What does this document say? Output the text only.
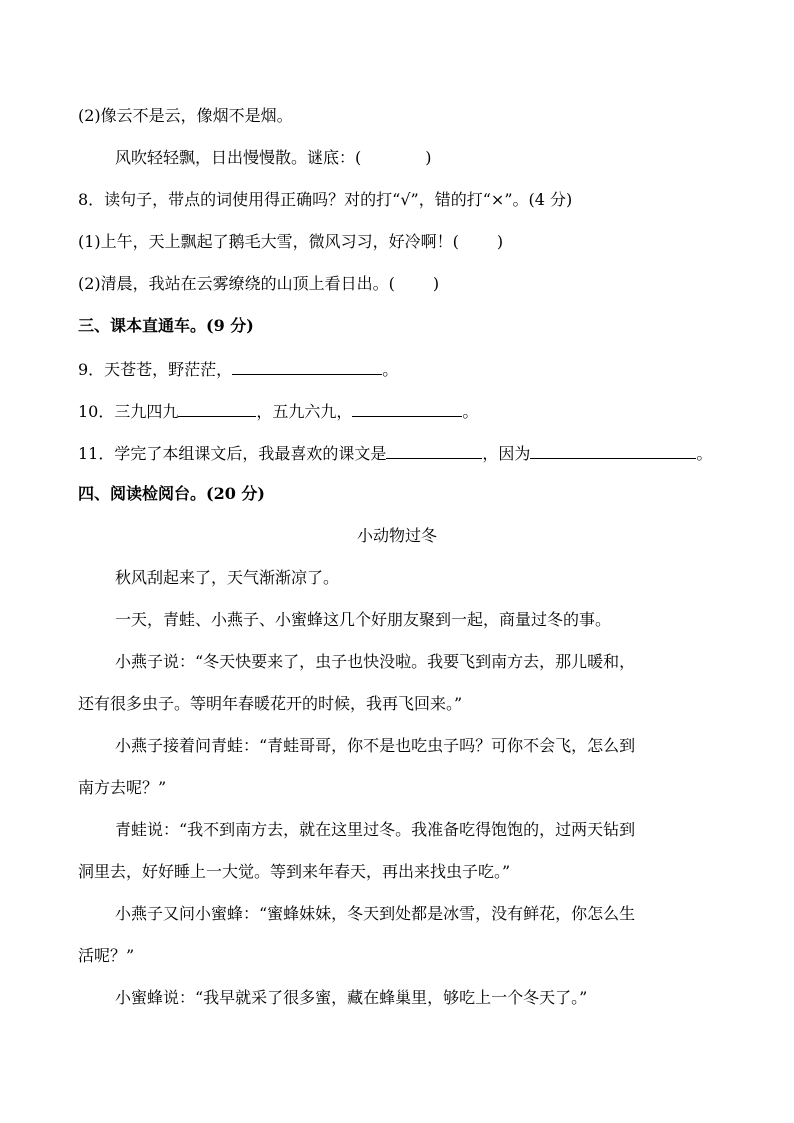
(2)像云不是云，像烟不是烟。
风吹轻轻飘，日出慢慢散。谜底：(	)
8．读句子，带点的词使用得正确吗？对的打“√”，错的打“×”。(4 分)
(1)上午，天上飘起了鹅毛大雪，微风习习，好冷啊！( )
(2)清晨，我站在云雾缭绕的山顶上看日出。( )
三、课本直通车。(9 分)
9．天苍苍，野茫茫，	。
10．三九四九	，五九六九，	。
11．学完了本组课文后，我最喜欢的课文是	，因为	。
四、阅读检阅台。(20 分)
小动物过冬
秋风刮起来了，天气渐渐凉了。
一天，青蛙、小燕子、小蜜蜂这几个好朋友聚到一起，商量过冬的事。
小燕子说：“冬天快要来了，虫子也快没啦。我要飞到南方去，那儿暖和，
还有很多虫子。等明年春暖花开的时候，我再飞回来。”
小燕子接着问青蛙：“青蛙哥哥，你不是也吃虫子吗？可你不会飞，怎么到
南方去呢？”
青蛙说：“我不到南方去，就在这里过冬。我准备吃得饱饱的，过两天钻到
洞里去，好好睡上一大觉。等到来年春天，再出来找虫子吃。”
小燕子又问小蜜蜂：“蜜蜂妹妹，冬天到处都是冰雪，没有鲜花，你怎么生
活呢？”
小蜜蜂说：“我早就采了很多蜜，藏在蜂巢里，够吃上一个冬天了。”
